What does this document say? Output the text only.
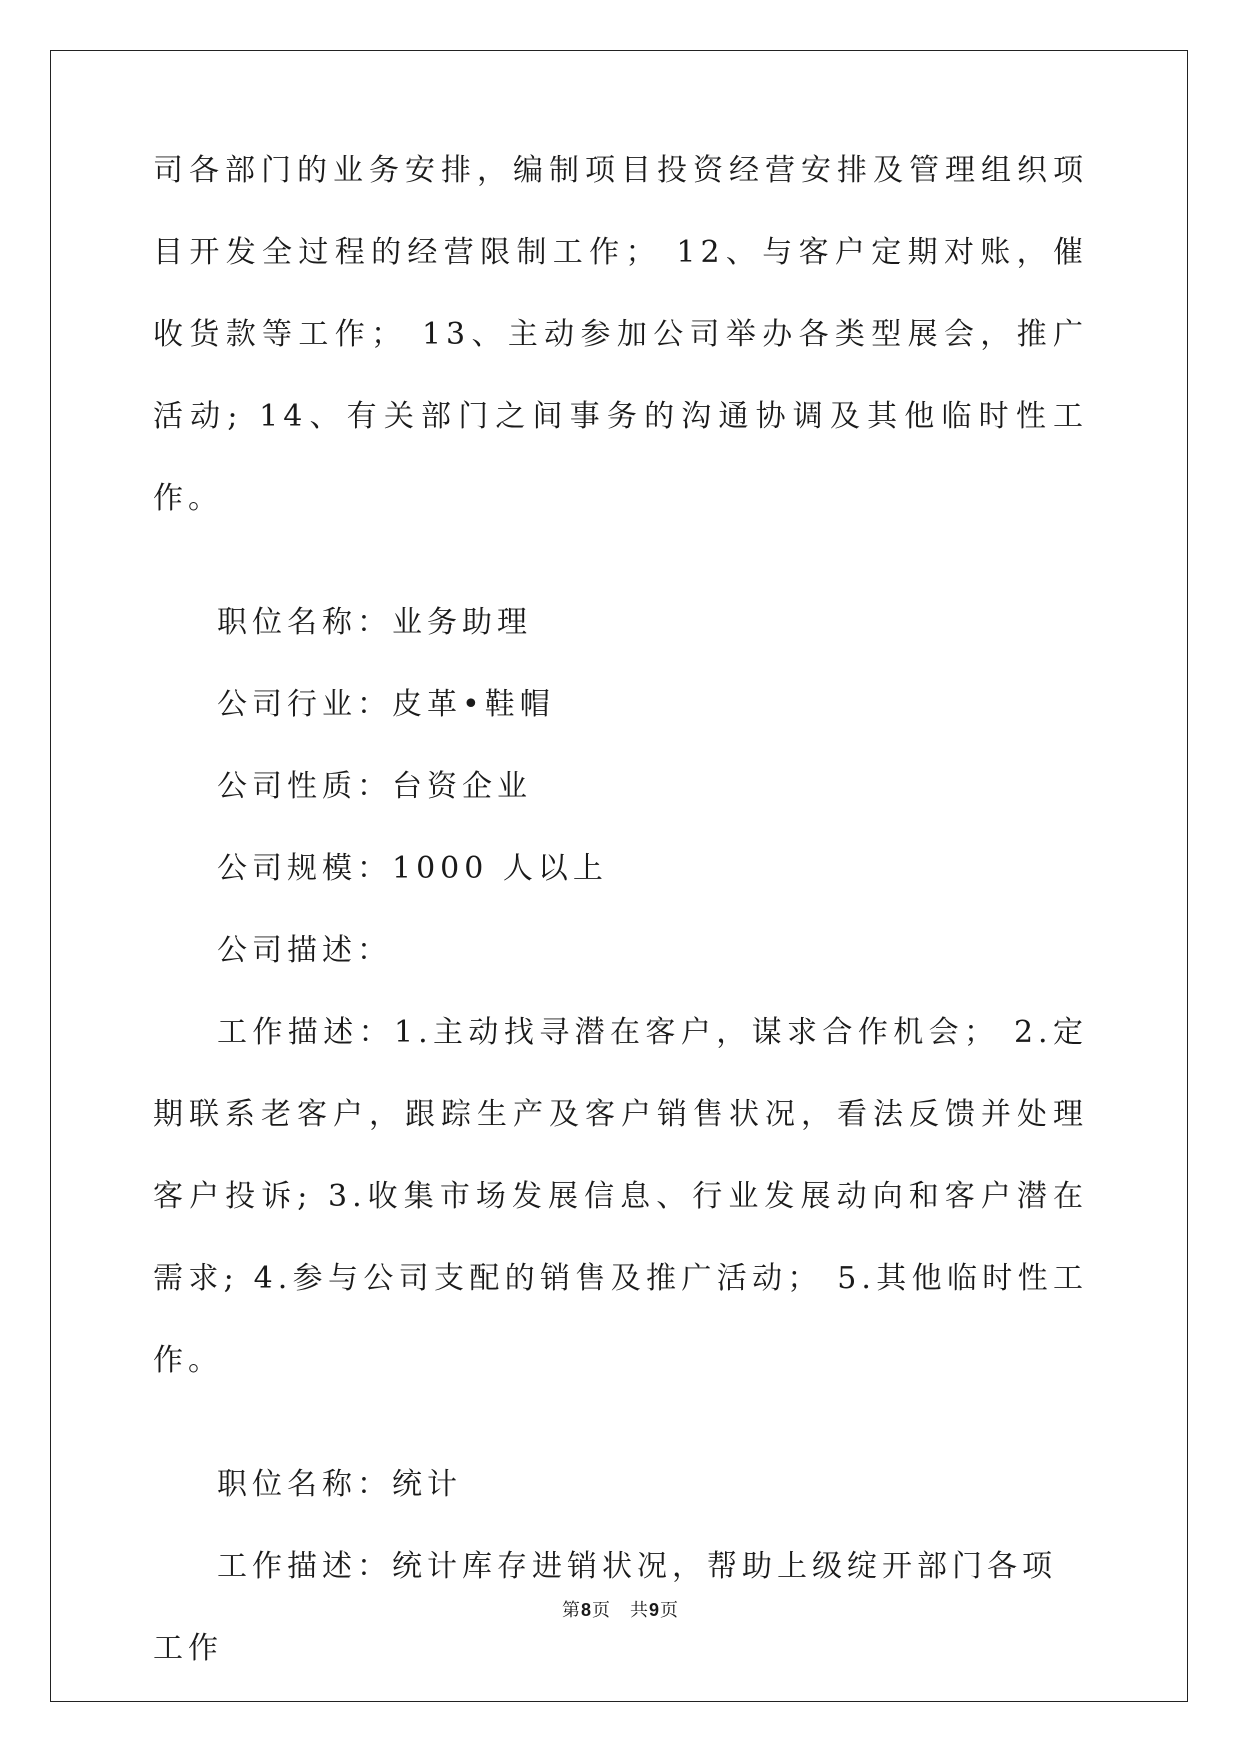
司各部门的业务安排，编制项目投资经营安排及管理组织项目开发全过程的经营限制工作； 12、与客户定期对账，催收货款等工作； 13、主动参加公司举办各类型展会，推广活动; 14、有关部门之间事务的沟通协调及其他临时性工作。

职位名称：业务助理

公司行业：皮革•鞋帽

公司性质：台资企业

公司规模：1000 人以上

公司描述：

工作描述：1.主动找寻潜在客户，谋求合作机会； 2.定期联系老客户，跟踪生产及客户销售状况，看法反馈并处理客户投诉; 3.收集市场发展信息、行业发展动向和客户潜在需求; 4.参与公司支配的销售及推广活动； 5.其他临时性工作。

职位名称：统计

工作描述：统计库存进销状况，帮助上级绽开部门各项工作

第8页　共9页
